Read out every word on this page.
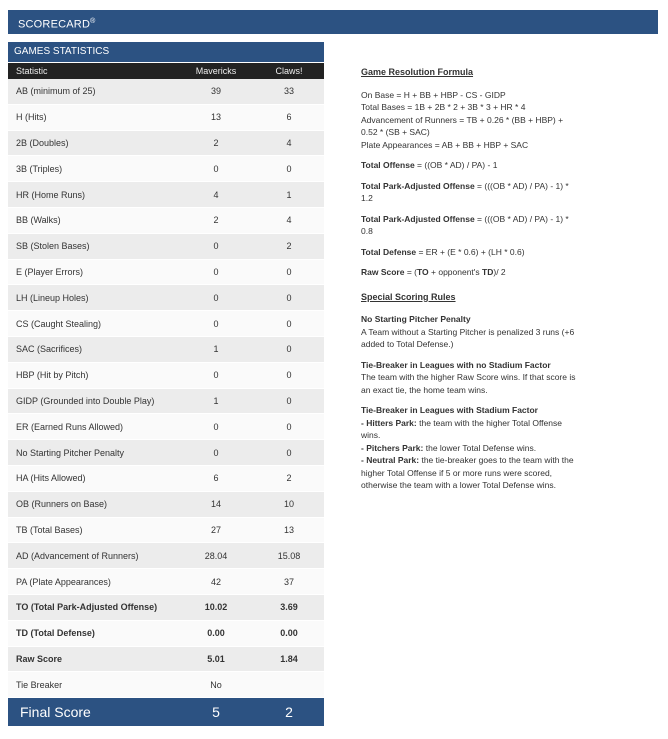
SCORECARD®
GAMES STATISTICS
Statistic	Mavericks	Claws!
AB (minimum of 25)	39	33
H (Hits)	13	6
2B (Doubles)	2	4
3B (Triples)	0	0
HR (Home Runs)	4	1
BB (Walks)	2	4
SB (Stolen Bases)	0	2
E (Player Errors)	0	0
LH (Lineup Holes)	0	0
CS (Caught Stealing)	0	0
SAC (Sacrifices)	1	0
HBP (Hit by Pitch)	0	0
GIDP (Grounded into Double Play)	1	0
ER (Earned Runs Allowed)	0	0
No Starting Pitcher Penalty	0	0
HA (Hits Allowed)	6	2
OB (Runners on Base)	14	10
TB (Total Bases)	27	13
AD (Advancement of Runners)	28.04	15.08
PA (Plate Appearances)	42	37
TO (Total Park-Adjusted Offense)	10.02	3.69
TD (Total Defense)	0.00	0.00
Raw Score	5.01	1.84
Tie Breaker	No	
Final Score	5	2
Game Resolution Formula

On Base = H + BB + HBP - CS - GIDP
Total Bases = 1B + 2B * 2 + 3B * 3 + HR * 4
Advancement of Runners = TB + 0.26 * (BB + HBP) + 0.52 * (SB + SAC)
Plate Appearances = AB + BB + HBP + SAC

Total Offense = ((OB * AD) / PA) - 1

Total Park-Adjusted Offense = (((OB * AD) / PA) - 1) * 1.2

Total Park-Adjusted Offense = (((OB * AD) / PA) - 1) * 0.8

Total Defense = ER + (E * 0.6) + (LH * 0.6)

Raw Score = (TO + opponent's TD)/ 2

Special Scoring Rules

No Starting Pitcher Penalty
A Team without a Starting Pitcher is penalized 3 runs (+6 added to Total Defense.)

Tie-Breaker in Leagues with no Stadium Factor
The team with the higher Raw Score wins. If that score is an exact tie, the home team wins.

Tie-Breaker in Leagues with Stadium Factor
- Hitters Park: the team with the higher Total Offense wins.
- Pitchers Park: the lower Total Defense wins.
- Neutral Park: the tie-breaker goes to the team with the higher Total Offense if 5 or more runs were scored, otherwise the team with a lower Total Defense wins.
